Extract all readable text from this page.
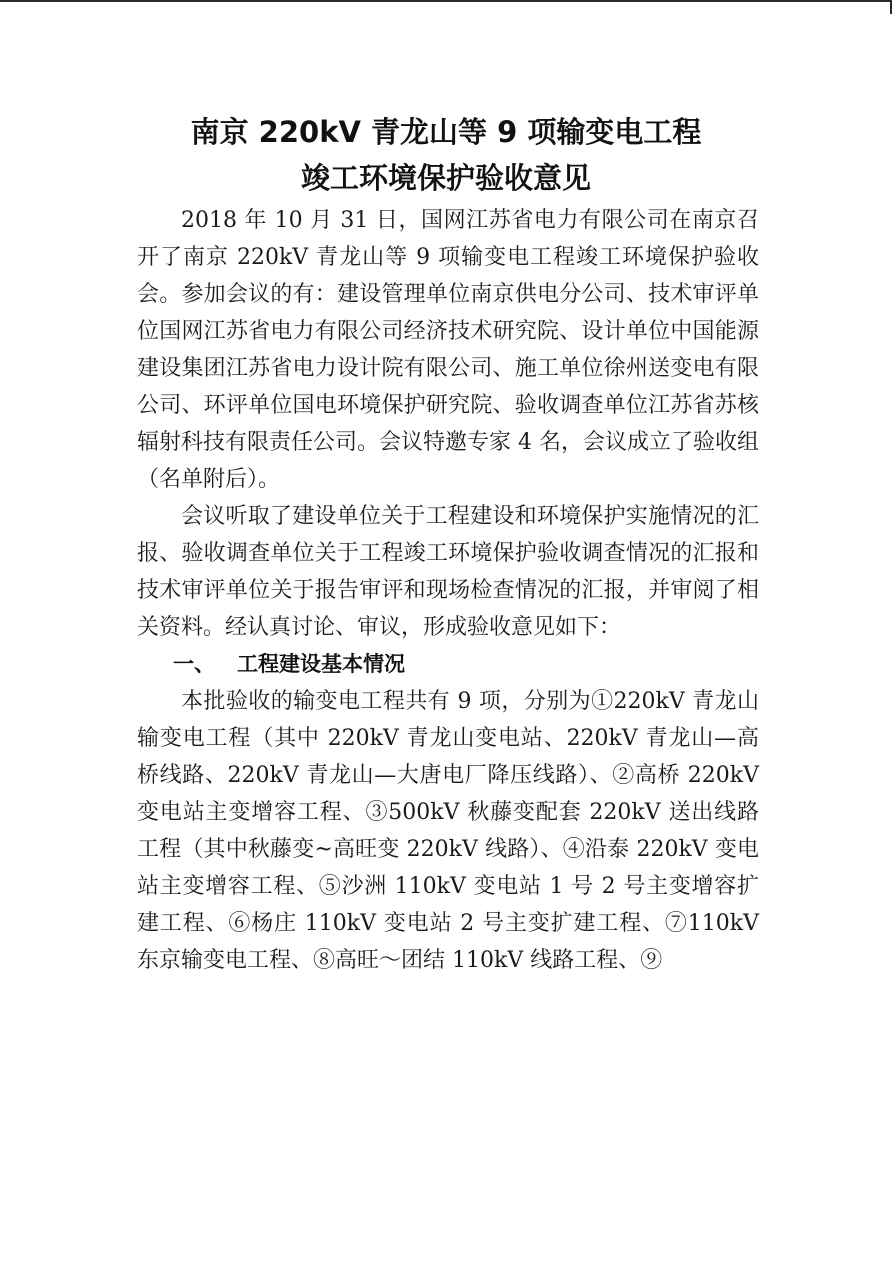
南京 220kV 青龙山等 9 项输变电工程
竣工环境保护验收意见

2018 年 10 月 31 日，国网江苏省电力有限公司在南京召开了南京 220kV 青龙山等 9 项输变电工程竣工环境保护验收会。参加会议的有：建设管理单位南京供电分公司、技术审评单位国网江苏省电力有限公司经济技术研究院、设计单位中国能源建设集团江苏省电力设计院有限公司、施工单位徐州送变电有限公司、环评单位国电环境保护研究院、验收调查单位江苏省苏核辐射科技有限责任公司。会议特邀专家 4 名，会议成立了验收组（名单附后）。

会议听取了建设单位关于工程建设和环境保护实施情况的汇报、验收调查单位关于工程竣工环境保护验收调查情况的汇报和技术审评单位关于报告审评和现场检查情况的汇报，并审阅了相关资料。经认真讨论、审议，形成验收意见如下：

一、 工程建设基本情况

本批验收的输变电工程共有 9 项，分别为①220kV 青龙山输变电工程（其中 220kV 青龙山变电站、220kV 青龙山—高桥线路、220kV 青龙山—大唐电厂降压线路）、②高桥 220kV 变电站主变增容工程、③500kV 秋藤变配套 220kV 送出线路工程（其中秋藤变~高旺变 220kV 线路）、④沿泰 220kV 变电站主变增容工程、⑤沙洲 110kV 变电站 1 号 2 号主变增容扩建工程、⑥杨庄 110kV 变电站 2 号主变扩建工程、⑦110kV 东京输变电工程、⑧高旺～团结 110kV 线路工程、⑨
